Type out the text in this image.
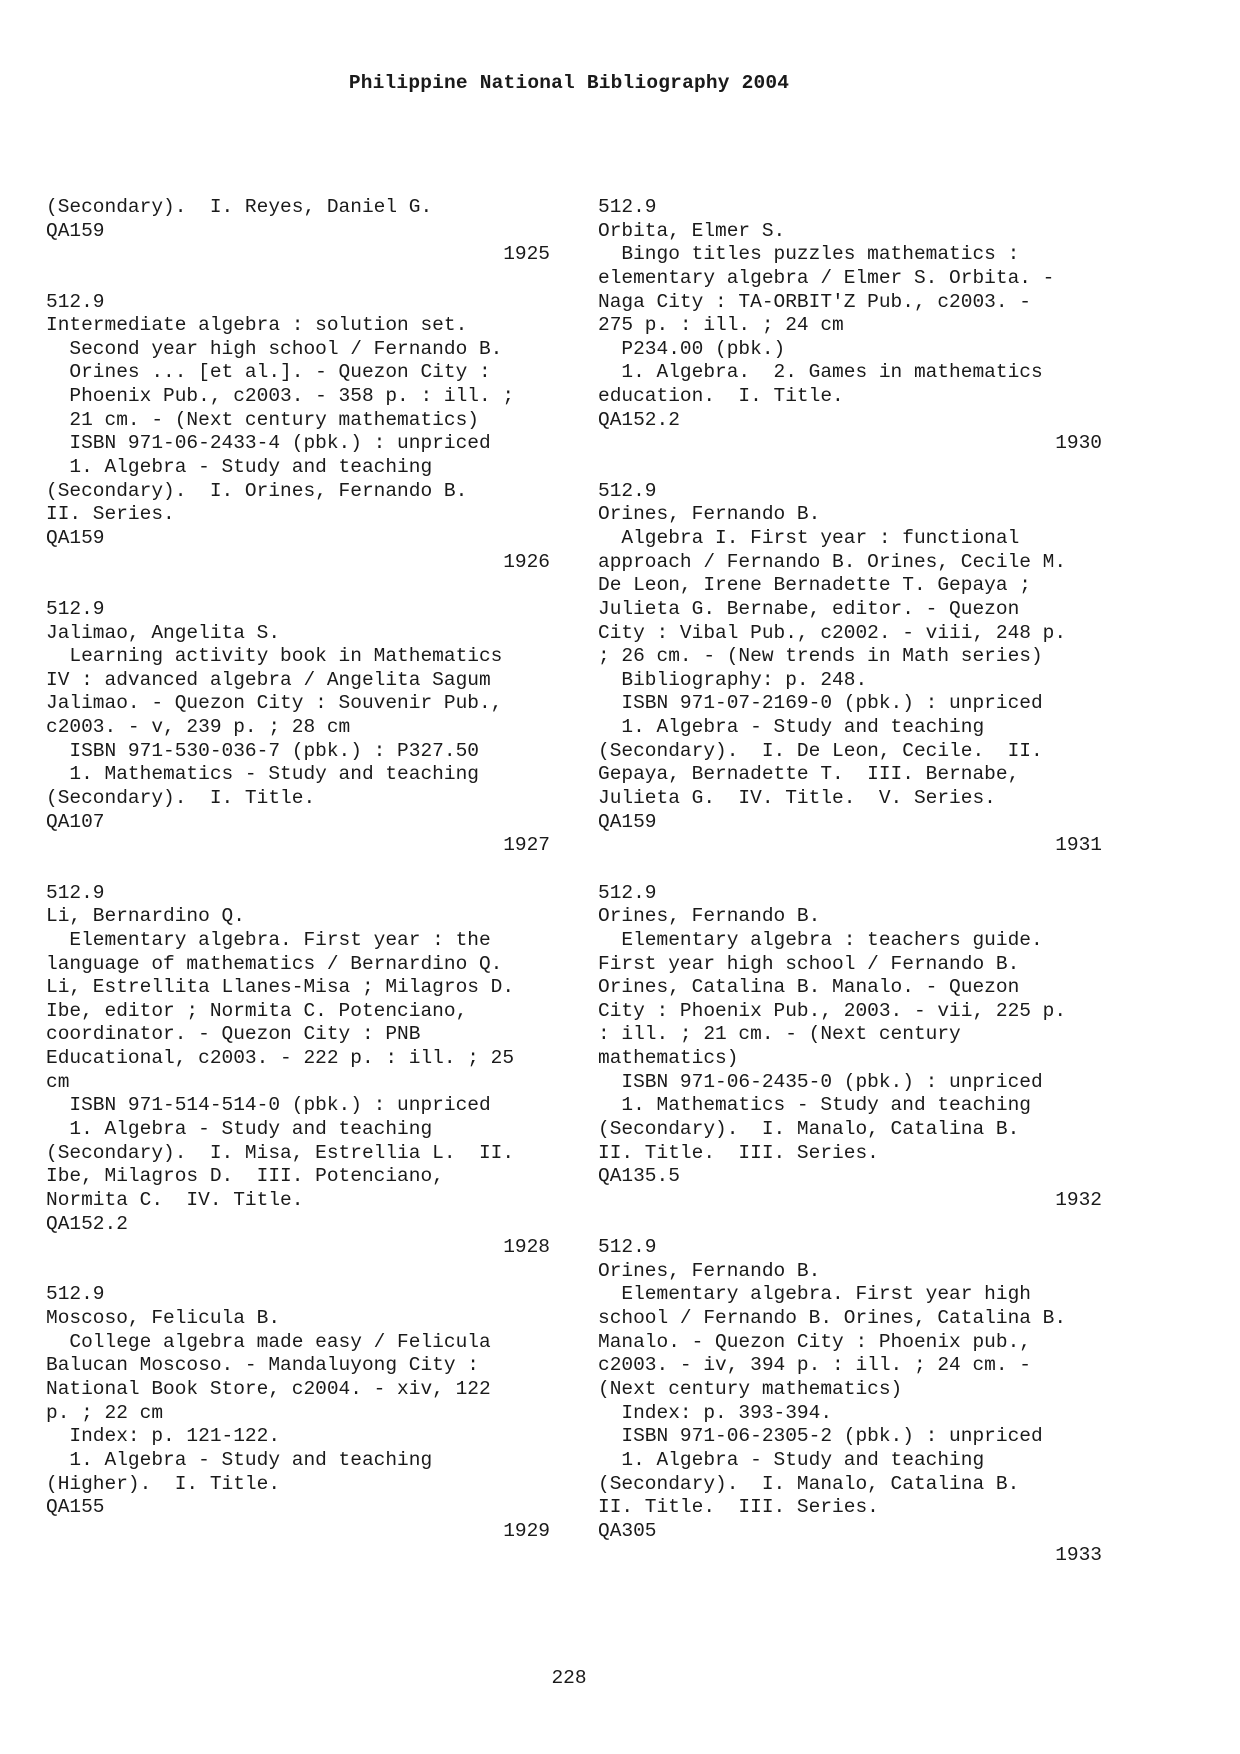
Philippine National Bibliography 2004
(Secondary).  I. Reyes, Daniel G.
QA159
1925
512.9
Intermediate algebra : solution set.
Second year high school / Fernando B.
Orines ... [et al.]. - Quezon City :
Phoenix Pub., c2003. - 358 p. : ill. ;
21 cm. - (Next century mathematics)
ISBN 971-06-2433-4 (pbk.) : unpriced
1. Algebra - Study and teaching
(Secondary).  I. Orines, Fernando B.
II. Series.
QA159
1926
512.9
Jalimao, Angelita S.
Learning activity book in Mathematics
IV : advanced algebra / Angelita Sagum
Jalimao. - Quezon City : Souvenir Pub.,
c2003. - v, 239 p. ; 28 cm
ISBN 971-530-036-7 (pbk.) : P327.50
1. Mathematics - Study and teaching
(Secondary).  I. Title.
QA107
1927
512.9
Li, Bernardino Q.
Elementary algebra. First year : the
language of mathematics / Bernardino Q.
Li, Estrellita Llanes-Misa ; Milagros D.
Ibe, editor ; Normita C. Potenciano,
coordinator. - Quezon City : PNB
Educational, c2003. - 222 p. : ill. ; 25
cm
ISBN 971-514-514-0 (pbk.) : unpriced
1. Algebra - Study and teaching
(Secondary).  I. Misa, Estrellia L.  II.
Ibe, Milagros D.  III. Potenciano,
Normita C.  IV. Title.
QA152.2
1928
512.9
Moscoso, Felicula B.
College algebra made easy / Felicula
Balucan Moscoso. - Mandaluyong City :
National Book Store, c2004. - xiv, 122
p. ; 22 cm
Index: p. 121-122.
1. Algebra - Study and teaching
(Higher).  I. Title.
QA155
1929
512.9
Orbita, Elmer S.
Bingo titles puzzles mathematics :
elementary algebra / Elmer S. Orbita. -
Naga City : TA-ORBIT'Z Pub., c2003. -
275 p. : ill. ; 24 cm
P234.00 (pbk.)
1. Algebra.  2. Games in mathematics
education.  I. Title.
QA152.2
1930
512.9
Orines, Fernando B.
Algebra I. First year : functional
approach / Fernando B. Orines, Cecile M.
De Leon, Irene Bernadette T. Gepaya ;
Julieta G. Bernabe, editor. - Quezon
City : Vibal Pub., c2002. - viii, 248 p.
; 26 cm. - (New trends in Math series)
Bibliography: p. 248.
ISBN 971-07-2169-0 (pbk.) : unpriced
1. Algebra - Study and teaching
(Secondary).  I. De Leon, Cecile.  II.
Gepaya, Bernadette T.  III. Bernabe,
Julieta G.  IV. Title.  V. Series.
QA159
1931
512.9
Orines, Fernando B.
Elementary algebra : teachers guide.
First year high school / Fernando B.
Orines, Catalina B. Manalo. - Quezon
City : Phoenix Pub., 2003. - vii, 225 p.
: ill. ; 21 cm. - (Next century
mathematics)
ISBN 971-06-2435-0 (pbk.) : unpriced
1. Mathematics - Study and teaching
(Secondary).  I. Manalo, Catalina B.
II. Title.  III. Series.
QA135.5
1932
512.9
Orines, Fernando B.
Elementary algebra. First year high
school / Fernando B. Orines, Catalina B.
Manalo. - Quezon City : Phoenix pub.,
c2003. - iv, 394 p. : ill. ; 24 cm. -
(Next century mathematics)
Index: p. 393-394.
ISBN 971-06-2305-2 (pbk.) : unpriced
1. Algebra - Study and teaching
(Secondary).  I. Manalo, Catalina B.
II. Title.  III. Series.
QA305
1933
228
